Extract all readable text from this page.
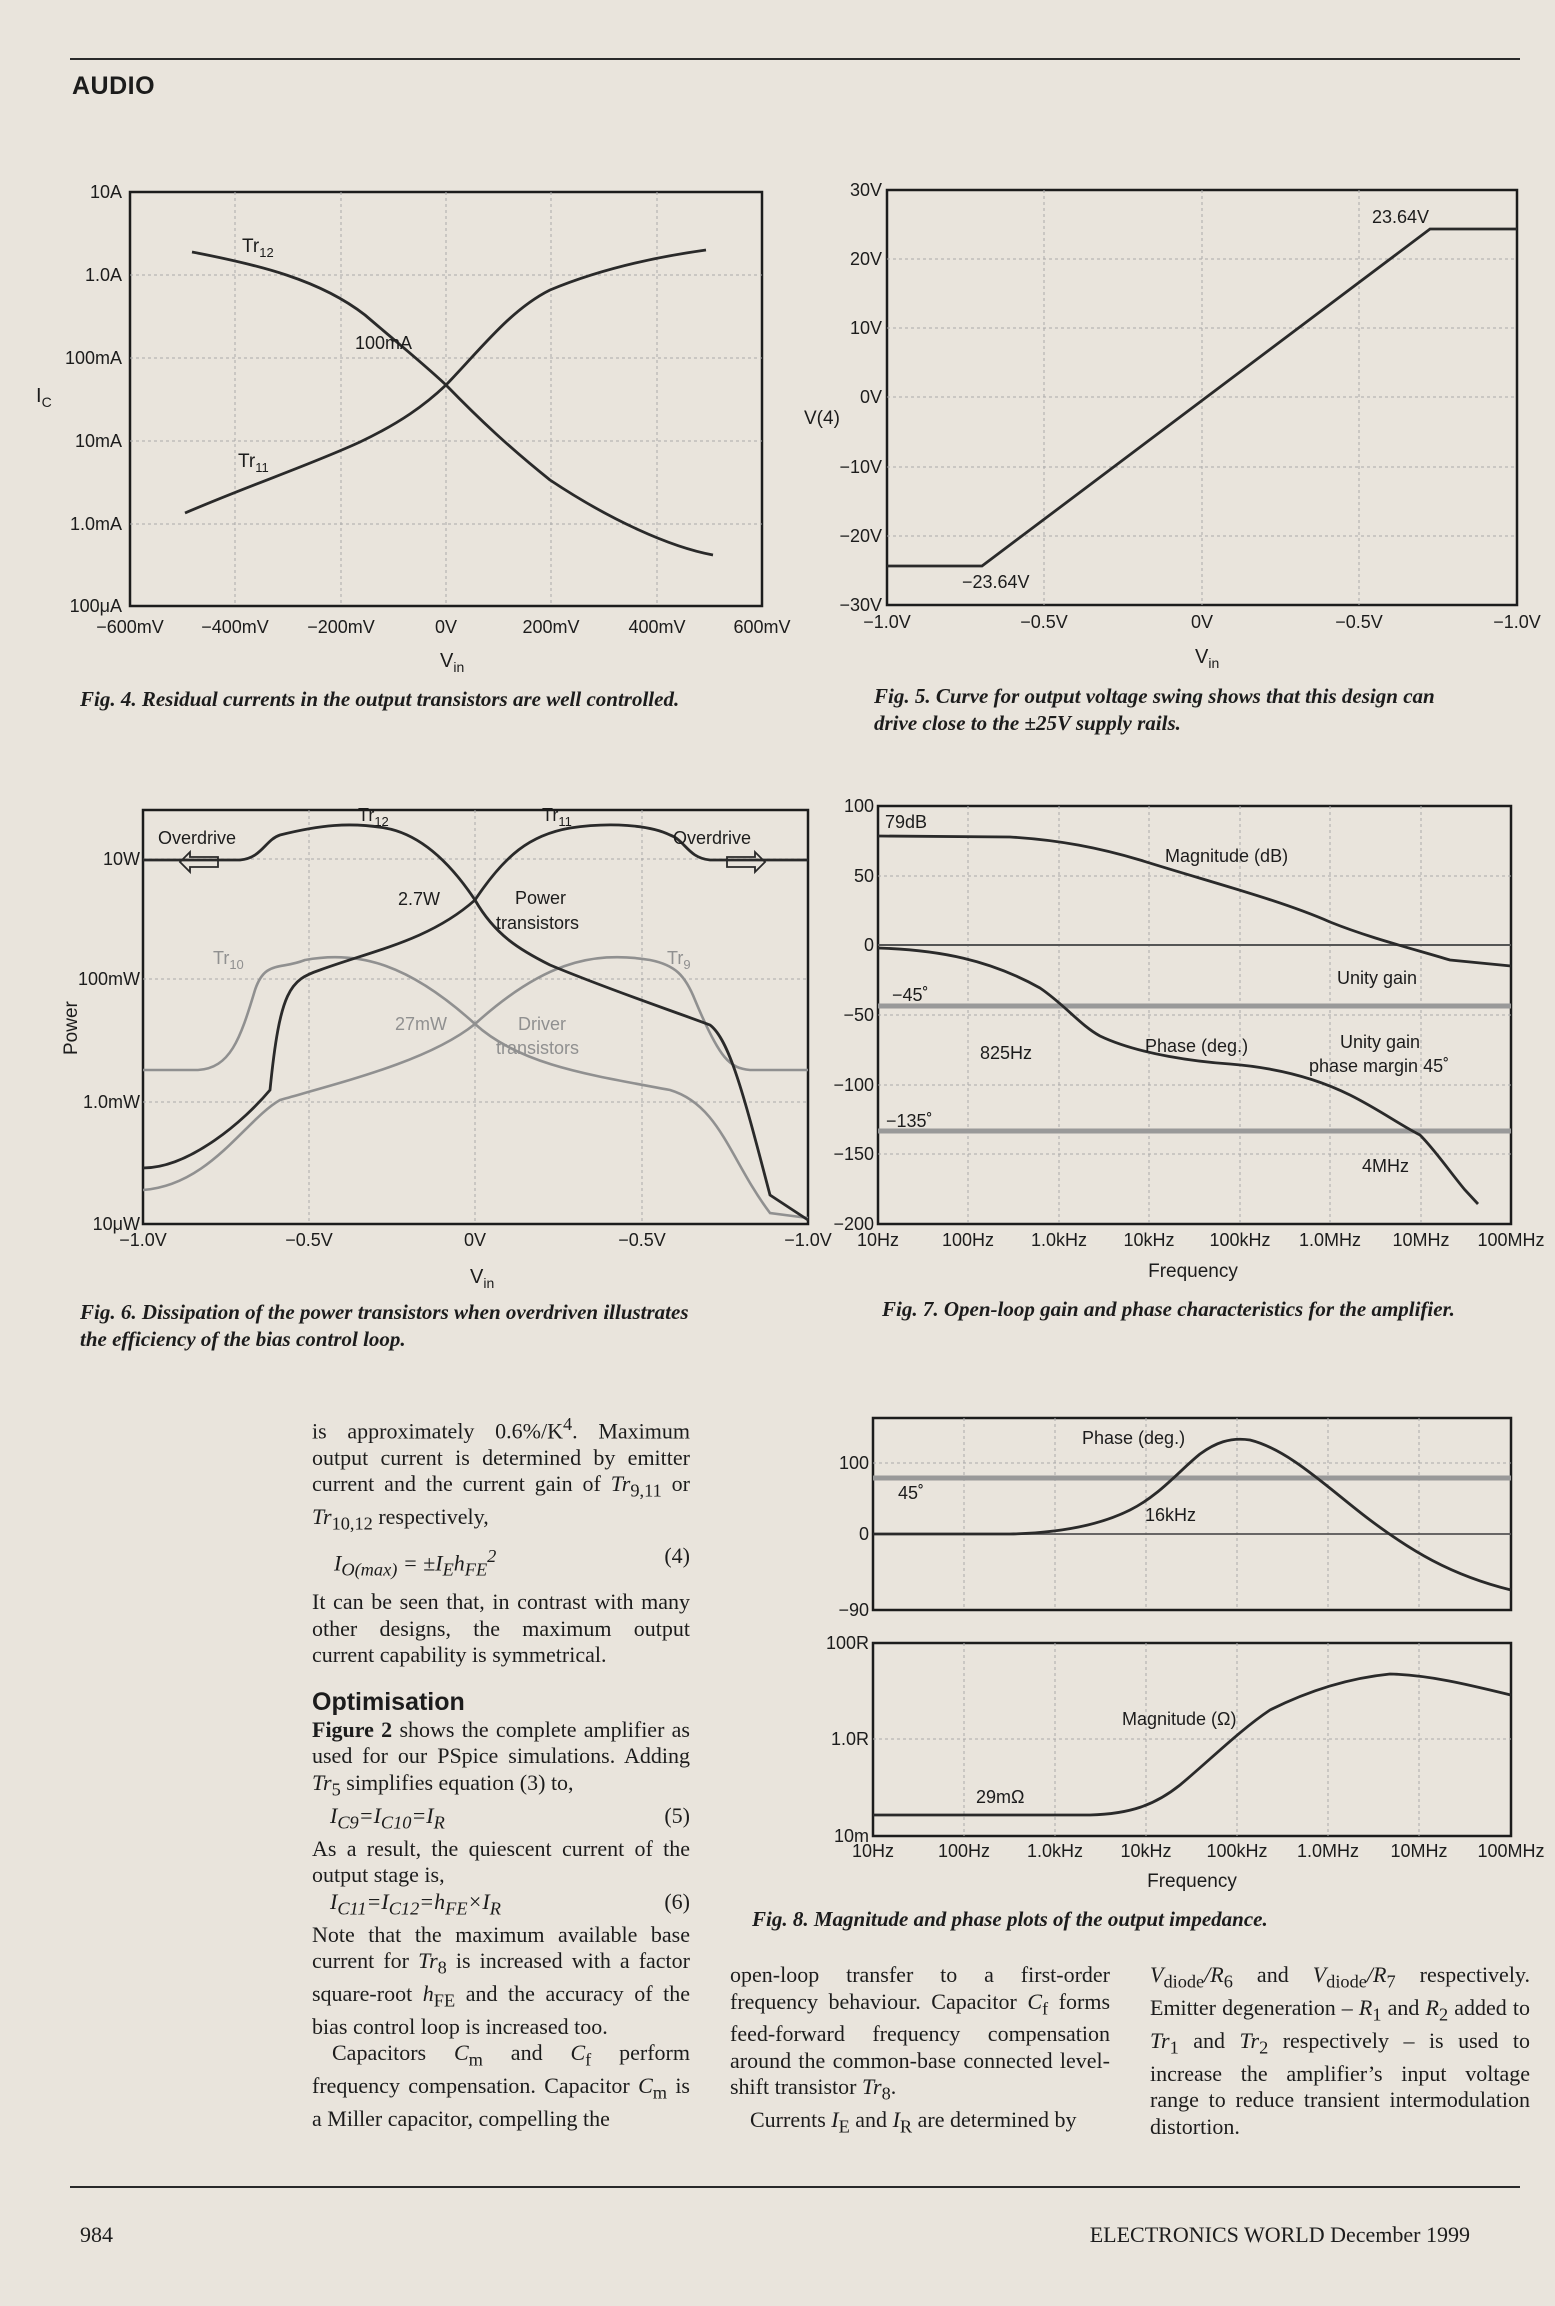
AUDIO
10A
1.0A
100mA
10mA
1.0mA
100μA
−600mV −400mV −200mV	0V	200mV	400mV	600mV
$I_C$
$V_{in}$
$Tr_{12}$
$Tr_{11}$
100mA
Fig. 4. Residual currents in the output transistors are well controlled.
30V
20V
10V
0V
−10V
−20V
−30V
−1.0V	−0.5V	0V	−0.5V	−1.0V
V(4)
$V_{in}$
23.64V
−23.64V
Fig. 5. Curve for output voltage swing shows that this design can
drive close to the ±25V supply rails.
10W
100mW
1.0mW
10μW
−1.0V	−0.5V	0V	−0.5V	−1.0V
Power
$V_{in}$
$Tr_{12}$	$Tr_{11}$
$Tr_{10}$	$Tr_9$
Overdrive	Overdrive
2.7W	Power
transistors
27mW	Driver
transistors
Fig. 6. Dissipation of the power transistors when overdriven illustrates
the efficiency of the bias control loop.
100
50
0
−50
−100
−150
−200
10Hz 100Hz 1.0kHz 10kHz 100kHz 1.0MHz 10MHz 100MHz
Frequency
79dB
Magnitude (dB)
Phase (deg.)
Unity gain
Unity gain
phase margin 45˚
−45˚
−135˚
825Hz
4MHz
Fig. 7. Open-loop gain and phase characteristics for the amplifier.
100
0
−90
Phase (deg.)
45˚
16kHz
100R
1.0R
10m
10Hz 100Hz 1.0kHz 10kHz 100kHz 1.0MHz 10MHz 100MHz
Frequency
Magnitude (Ω)
29mΩ
Fig. 8. Magnitude and phase plots of the output impedance.

is approximately $0.6\%/K^4$. Maximum output current is determined by emitter current and the current gain of $Tr_{9,11}$ or $Tr_{10,12}$ respectively,

$I_{O(max)} = \pm I_Eh_{FE}^2$	(4)

It can be seen that, in contrast with many other designs, the maximum output current capability is symmetrical.

Optimisation

Figure 2 shows the complete amplifier as used for our PSpice simulations. Adding $Tr_5$ simplifies equation (3) to,

$I_{C9}=I_{C10}=I_R$	(5)

As a result, the quiescent current of the output stage is,

$I_{C11}=I_{C12}=h_{FE}\times I_R$	(6)

Note that the maximum available base current for $Tr_8$ is increased with a factor square-root $h_{FE}$ and the accuracy of the bias control loop is increased too.

Capacitors $C_m$ and $C_f$ perform frequency compensation. Capacitor $C_m$ is a Miller capacitor, compelling the

open-loop transfer to a first-order frequency behaviour. Capacitor $C_f$ forms feed-forward frequency compensation around the common-base connected level-shift transistor $Tr_8$.

Currents $I_E$ and $I_R$ are determined by

$V_{diode}/R_6$ and $V_{diode}/R_7$ respectively. Emitter degeneration – $R_1$ and $R_2$ added to $Tr_1$ and $Tr_2$ respectively – is used to increase the amplifier’s input voltage range to reduce transient intermodulation distortion.

984	ELECTRONICS WORLD December 1999
